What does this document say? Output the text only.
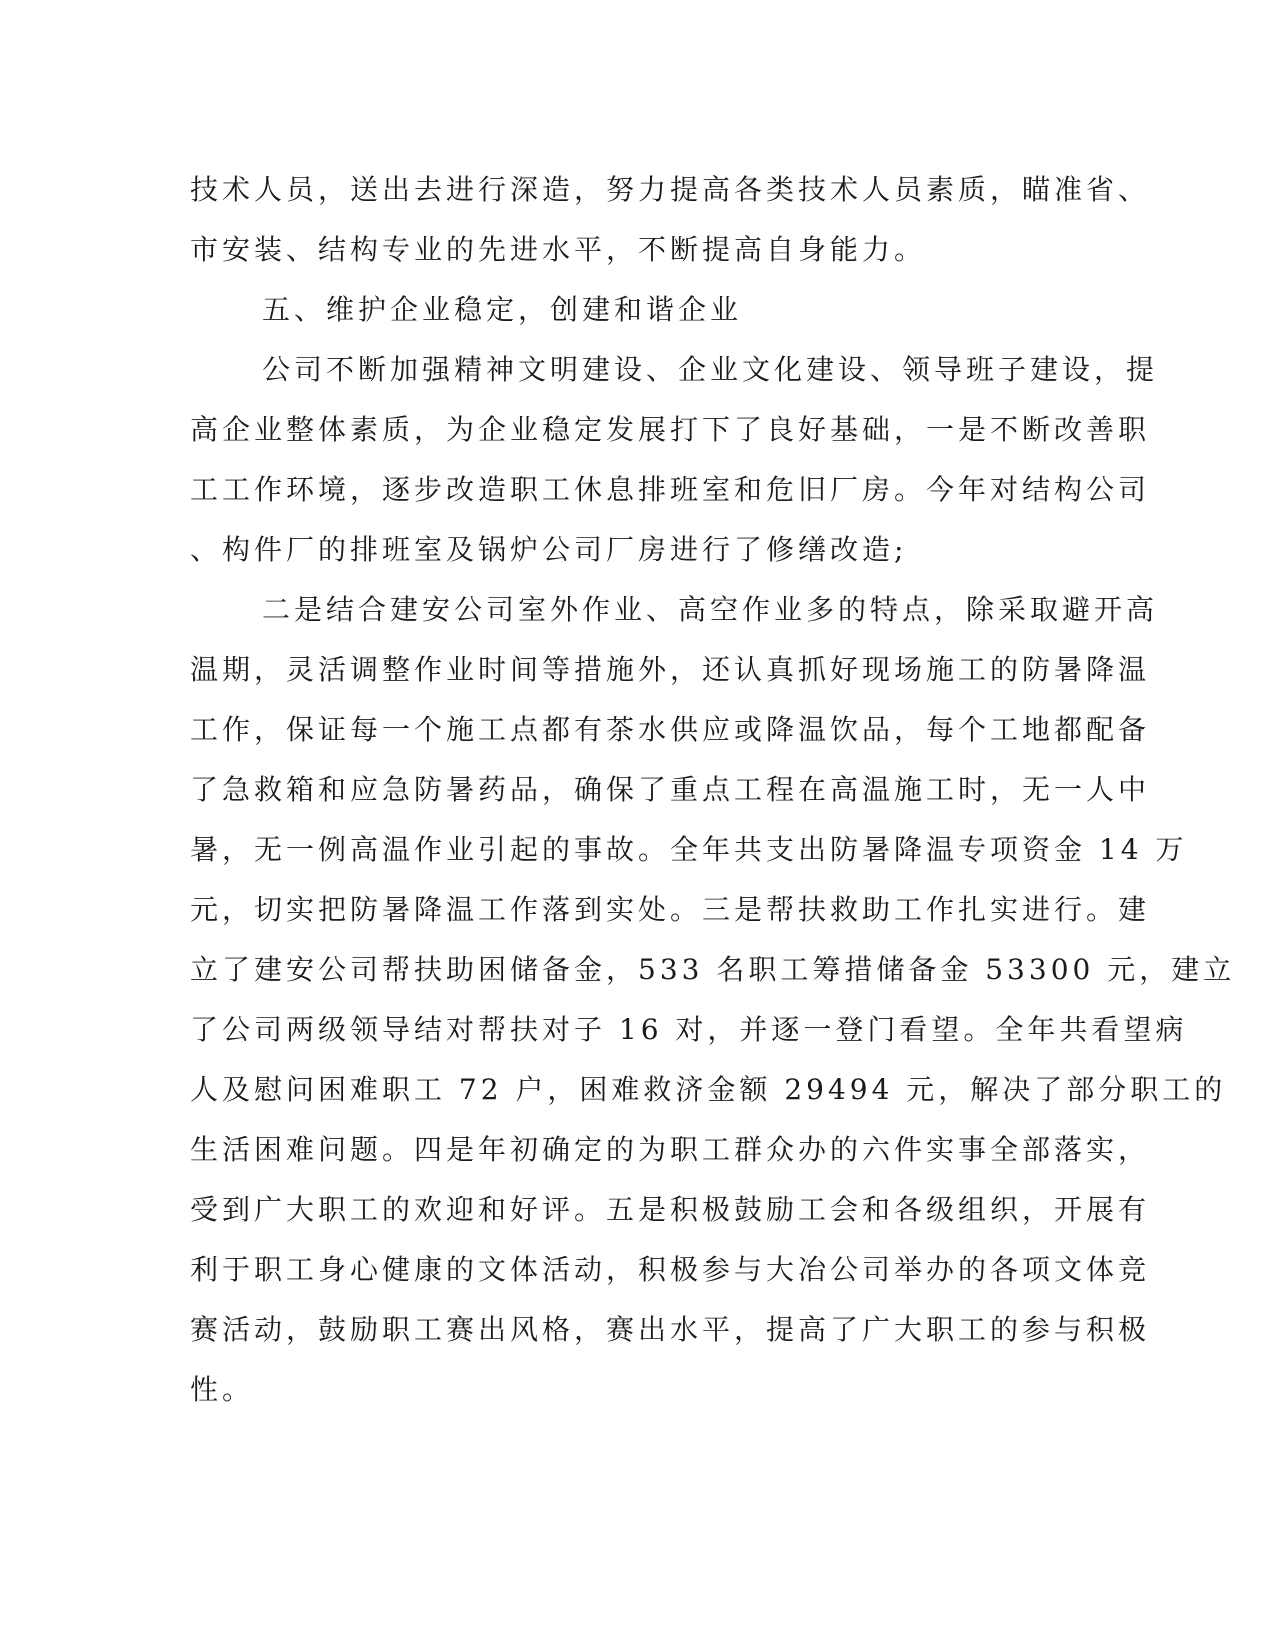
技术人员，送出去进行深造，努力提高各类技术人员素质，瞄准省、
市安装、结构专业的先进水平，不断提高自身能力。
五、维护企业稳定，创建和谐企业
公司不断加强精神文明建设、企业文化建设、领导班子建设，提
高企业整体素质，为企业稳定发展打下了良好基础，一是不断改善职
工工作环境，逐步改造职工休息排班室和危旧厂房。今年对结构公司
、构件厂的排班室及锅炉公司厂房进行了修缮改造;
二是结合建安公司室外作业、高空作业多的特点，除采取避开高
温期，灵活调整作业时间等措施外，还认真抓好现场施工的防暑降温
工作，保证每一个施工点都有茶水供应或降温饮品，每个工地都配备
了急救箱和应急防暑药品，确保了重点工程在高温施工时，无一人中
暑，无一例高温作业引起的事故。全年共支出防暑降温专项资金 14 万
元，切实把防暑降温工作落到实处。三是帮扶救助工作扎实进行。建
立了建安公司帮扶助困储备金，533 名职工筹措储备金 53300 元，建立
了公司两级领导结对帮扶对子 16 对，并逐一登门看望。全年共看望病
人及慰问困难职工 72 户，困难救济金额 29494 元，解决了部分职工的
生活困难问题。四是年初确定的为职工群众办的六件实事全部落实，
受到广大职工的欢迎和好评。五是积极鼓励工会和各级组织，开展有
利于职工身心健康的文体活动，积极参与大冶公司举办的各项文体竞
赛活动，鼓励职工赛出风格，赛出水平，提高了广大职工的参与积极
性。
